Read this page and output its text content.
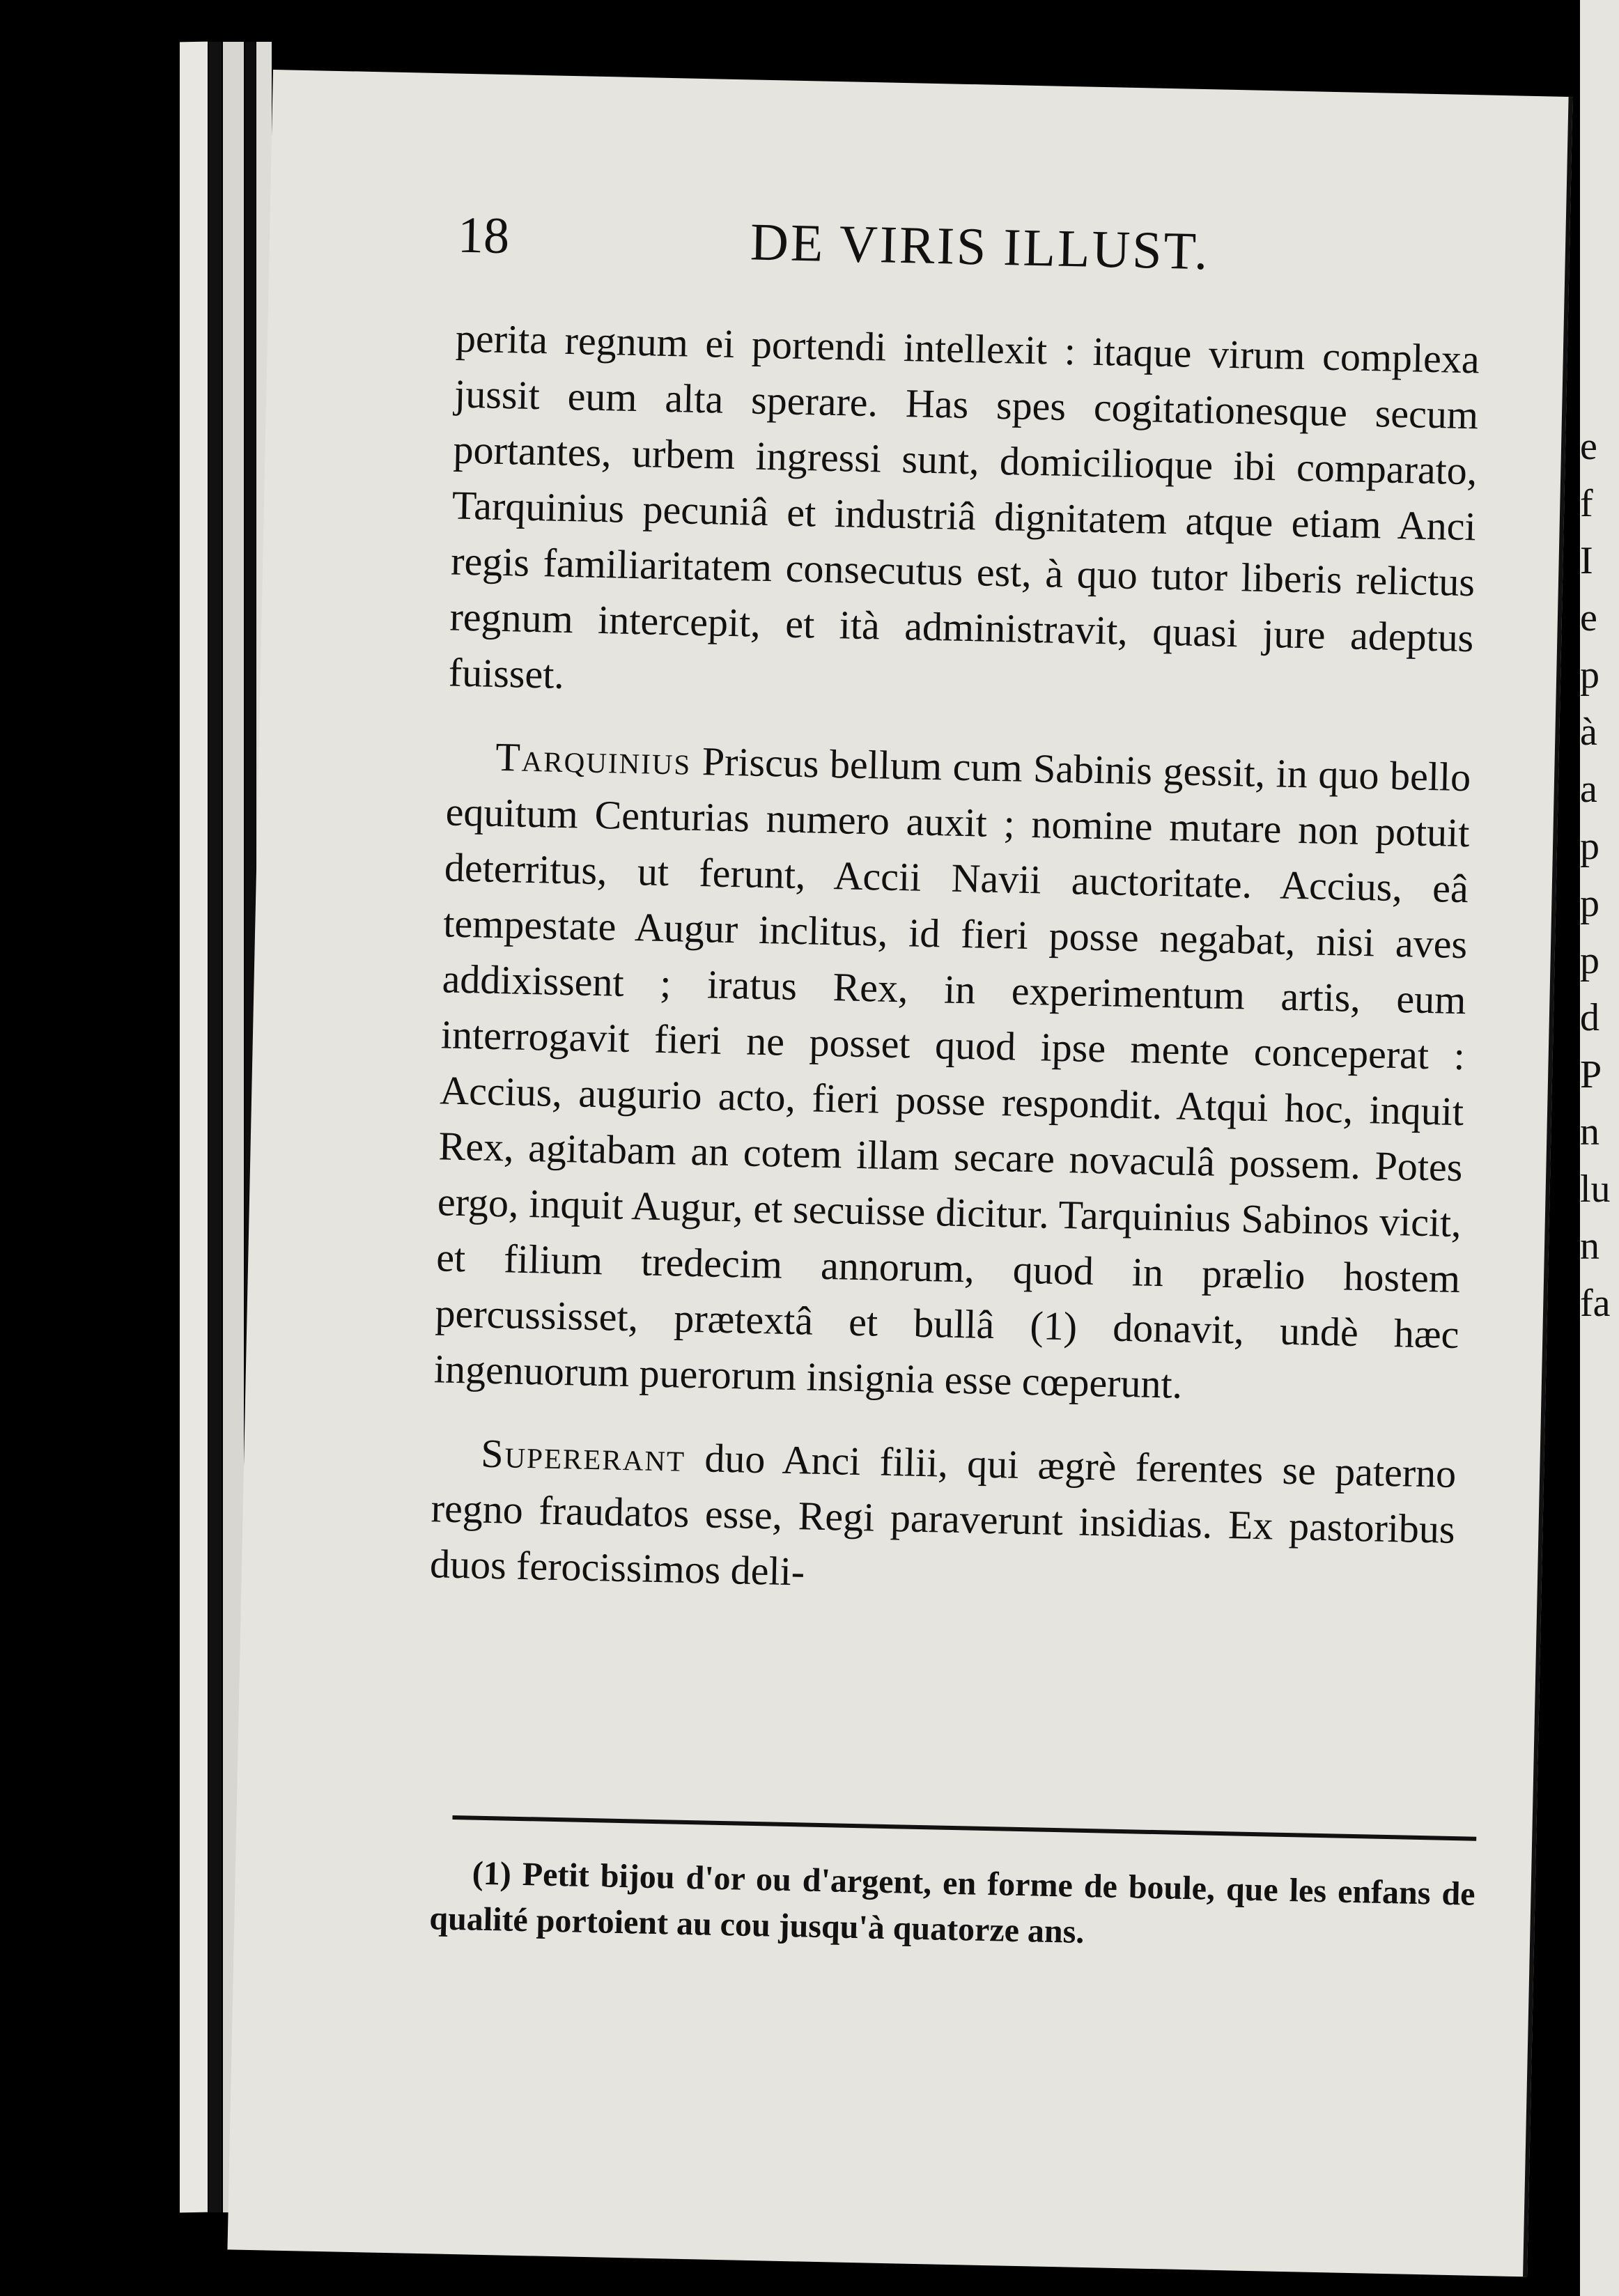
18	DE VIRIS ILLUST.

perita regnum ei portendi intellexit : itaque virum complexa jussit eum alta sperare. Has spes cogitationesque secum portantes, urbem ingressi sunt, domicilioque ibi comparato, Tarquinius pecuniâ et industriâ dignitatem atque etiam Anci regis familiaritatem consecutus est, à quo tutor liberis relictus regnum intercepit, et ità administravit, quasi jure adeptus fuisset.

Tarquinius Priscus bellum cum Sabinis gessit, in quo bello equitum Centurias numero auxit ; nomine mutare non potuit deterritus, ut ferunt, Accii Navii auctoritate. Accius, eâ tempestate Augur inclitus, id fieri posse negabat, nisi aves addixissent ; iratus Rex, in experimentum artis, eum interrogavit fieri ne posset quod ipse mente conceperat : Accius, augurio acto, fieri posse respondit. Atqui hoc, inquit Rex, agitabam an cotem illam secare novaculâ possem. Potes ergo, inquit Augur, et secuisse dicitur. Tarquinius Sabinos vicit, et filium tredecim annorum, quod in prælio hostem percussisset, prætextâ et bullâ (1) donavit, undè hæc ingenuorum puerorum insignia esse cœperunt.

Supererant duo Anci filii, qui ægrè ferentes se paterno regno fraudatos esse, Regi paraverunt insidias. Ex pastoribus duos ferocissimos deli-

(1) Petit bijou d'or ou d'argent, en forme de boule, que les enfans de qualité portoient au cou jusqu'à quatorze ans.
e
f
I
e
p
à
a
p
p
p
d
P
n
lu
n
fa
